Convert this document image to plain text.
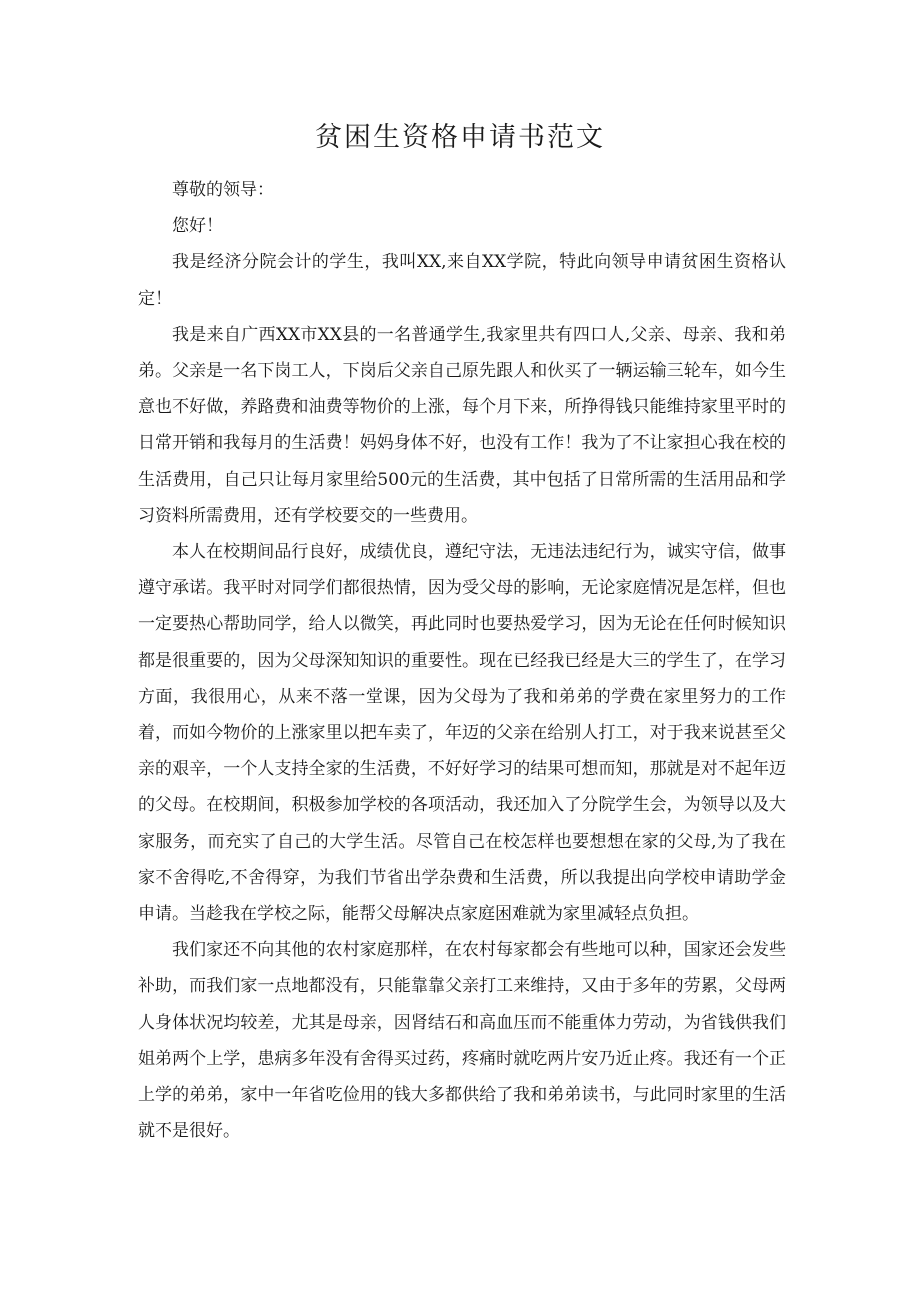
贫困生资格申请书范文

尊敬的领导：

您好！

我是经济分院会计的学生，我叫XX,来自XX学院，特此向领导申请贫困生资格认定！

我是来自广西XX市XX县的一名普通学生,我家里共有四口人,父亲、母亲、我和弟弟。父亲是一名下岗工人，下岗后父亲自己原先跟人和伙买了一辆运输三轮车，如今生意也不好做，养路费和油费等物价的上涨，每个月下来，所挣得钱只能维持家里平时的日常开销和我每月的生活费！妈妈身体不好，也没有工作！我为了不让家担心我在校的生活费用，自己只让每月家里给500元的生活费，其中包括了日常所需的生活用品和学习资料所需费用，还有学校要交的一些费用。

本人在校期间品行良好，成绩优良，遵纪守法，无违法违纪行为，诚实守信，做事遵守承诺。我平时对同学们都很热情，因为受父母的影响，无论家庭情况是怎样，但也一定要热心帮助同学，给人以微笑，再此同时也要热爱学习，因为无论在任何时候知识都是很重要的，因为父母深知知识的重要性。现在已经我已经是大三的学生了，在学习方面，我很用心，从来不落一堂课，因为父母为了我和弟弟的学费在家里努力的工作着，而如今物价的上涨家里以把车卖了，年迈的父亲在给别人打工，对于我来说甚至父亲的艰辛，一个人支持全家的生活费，不好好学习的结果可想而知，那就是对不起年迈的父母。在校期间，积极参加学校的各项活动，我还加入了分院学生会，为领导以及大家服务，而充实了自己的大学生活。尽管自己在校怎样也要想想在家的父母,为了我在家不舍得吃,不舍得穿，为我们节省出学杂费和生活费，所以我提出向学校申请助学金申请。当趁我在学校之际，能帮父母解决点家庭困难就为家里减轻点负担。

我们家还不向其他的农村家庭那样，在农村每家都会有些地可以种，国家还会发些补助，而我们家一点地都没有，只能靠靠父亲打工来维持，又由于多年的劳累，父母两人身体状况均较差，尤其是母亲，因肾结石和高血压而不能重体力劳动，为省钱供我们姐弟两个上学，患病多年没有舍得买过药，疼痛时就吃两片安乃近止疼。我还有一个正上学的弟弟，家中一年省吃俭用的钱大多都供给了我和弟弟读书，与此同时家里的生活就不是很好。
